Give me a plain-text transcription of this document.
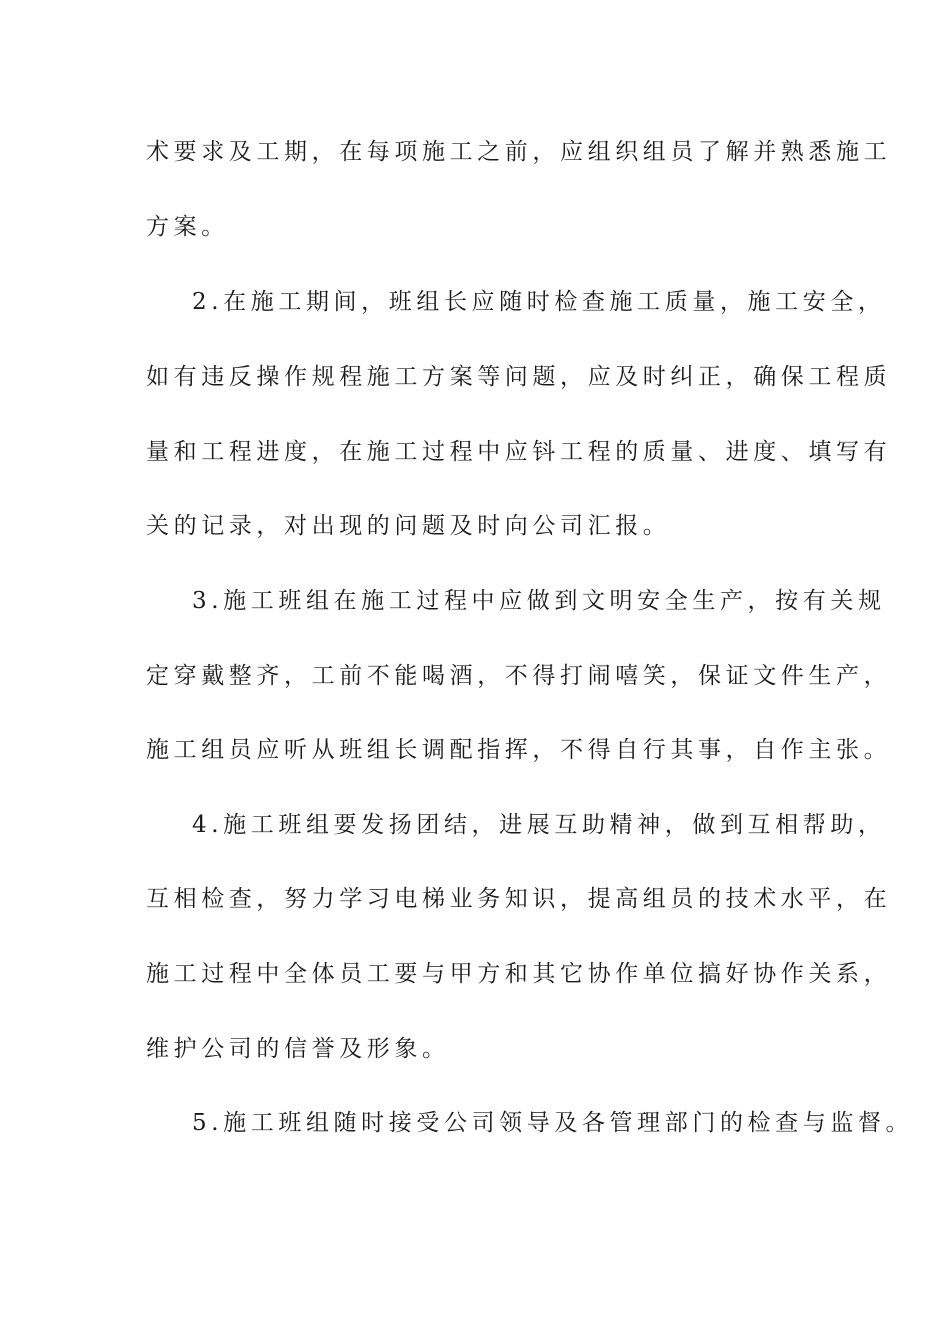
术要求及工期，在每项施工之前，应组织组员了解并熟悉施工
方案。
2.在施工期间，班组长应随时检查施工质量，施工安全，
如有违反操作规程施工方案等问题，应及时纠正，确保工程质
量和工程进度，在施工过程中应钭工程的质量、进度、填写有
关的记录，对出现的问题及时向公司汇报。
3.施工班组在施工过程中应做到文明安全生产，按有关规
定穿戴整齐，工前不能喝酒，不得打闹嘻笑，保证文件生产，
施工组员应听从班组长调配指挥，不得自行其事，自作主张。
4.施工班组要发扬团结，进展互助精神，做到互相帮助，
互相检查，努力学习电梯业务知识，提高组员的技术水平，在
施工过程中全体员工要与甲方和其它协作单位搞好协作关系，
维护公司的信誉及形象。
5.施工班组随时接受公司领导及各管理部门的检查与监督。
